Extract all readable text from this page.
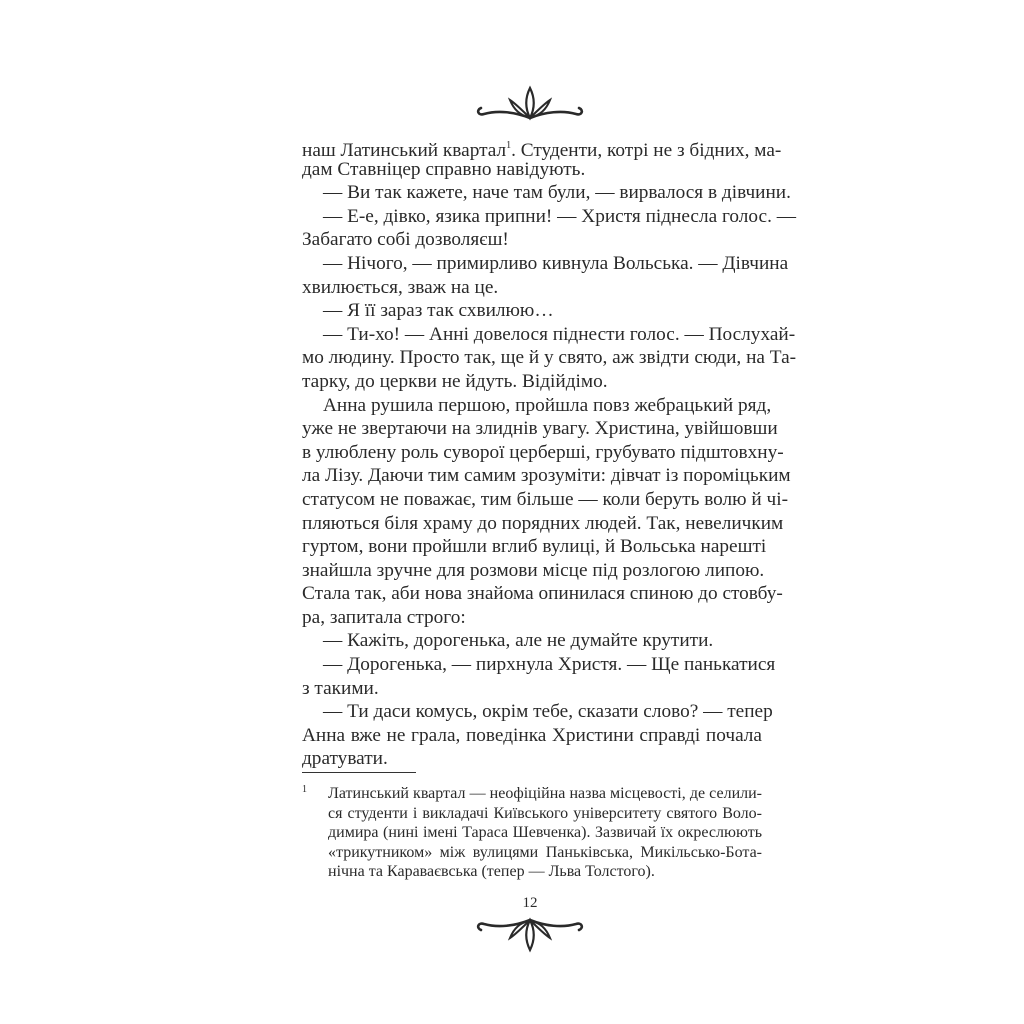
наш Латинський квартал$^1$. Студенти, котрі не з бідних, ма-
дам Ставніцер справно навідують.
— Ви так кажете, наче там були, — вирвалося в дівчини.
— Е-е, дівко, язика припни! — Христя піднесла голос. —
Забагато собі дозволяєш!
— Нічого, — примирливо кивнула Вольська. — Дівчина
хвилюється, зваж на це.
— Я її зараз так схвилюю…
— Ти-хо! — Анні довелося піднести голос. — Послухай-
мо людину. Просто так, ще й у свято, аж звідти сюди, на Та-
тарку, до церкви не йдуть. Відійдімо.
Анна рушила першою, пройшла повз жебрацький ряд,
уже не звертаючи на злиднів увагу. Христина, увійшовши
в улюблену роль суворої церберші, грубувато підштовхну-
ла Лізу. Даючи тим самим зрозуміти: дівчат із пороміцьким
статусом не поважає, тим більше — коли беруть волю й чі-
пляються біля храму до порядних людей. Так, невеличким
гуртом, вони пройшли вглиб вулиці, й Вольська нарешті
знайшла зручне для розмови місце під розлогою липою.
Стала так, аби нова знайома опинилася спиною до стовбу-
ра, запитала строго:
— Кажіть, дорогенька, але не думайте крутити.
— Дорогенька, — пирхнула Христя. — Ще панькатися
з такими.
— Ти даси комусь, окрім тебе, сказати слово? — тепер
Анна вже не грала, поведінка Христини справді почала
дратувати.
1 Латинський квартал — неофіційна назва місцевості, де селили-
ся студенти і викладачі Київського університету святого Воло-
димира (нині імені Тараса Шевченка). Зазвичай їх окреслюють
«трикутником» між вулицями Паньківська, Микільсько-Бота-
нічна та Караваєвська (тепер — Льва Толстого).
12
